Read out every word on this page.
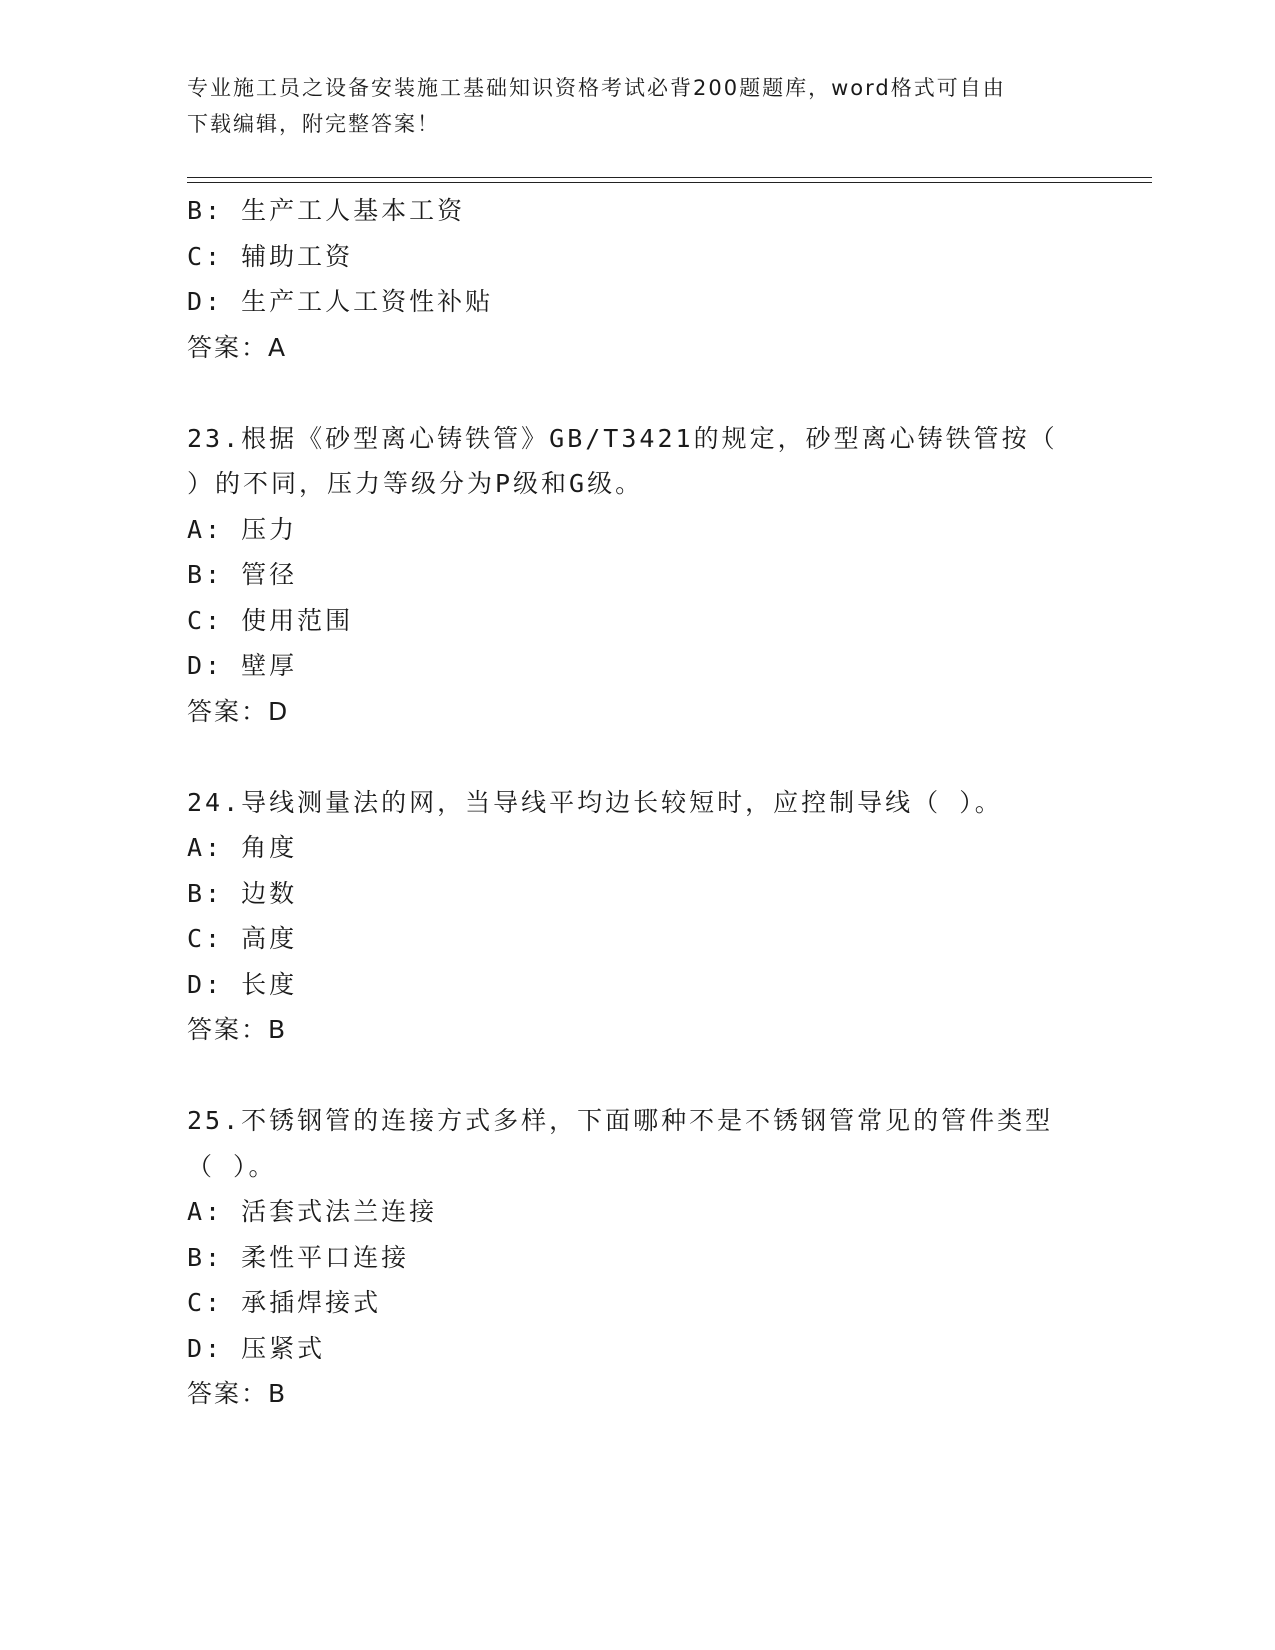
专业施工员之设备安装施工基础知识资格考试必背200题题库，word格式可自由
下载编辑，附完整答案！
B: 生产工人基本工资
C: 辅助工资
D: 生产工人工资性补贴
答案：A
23.根据《砂型离心铸铁管》GB/T3421的规定，砂型离心铸铁管按（
）的不同，压力等级分为P级和G级。
A: 压力
B: 管径
C: 使用范围
D: 壁厚
答案：D
24.导线测量法的网，当导线平均边长较短时，应控制导线（ ）。
A: 角度
B: 边数
C: 高度
D: 长度
答案：B
25.不锈钢管的连接方式多样，下面哪种不是不锈钢管常见的管件类型
（ ）。
A: 活套式法兰连接
B: 柔性平口连接
C: 承插焊接式
D: 压紧式
答案：B
